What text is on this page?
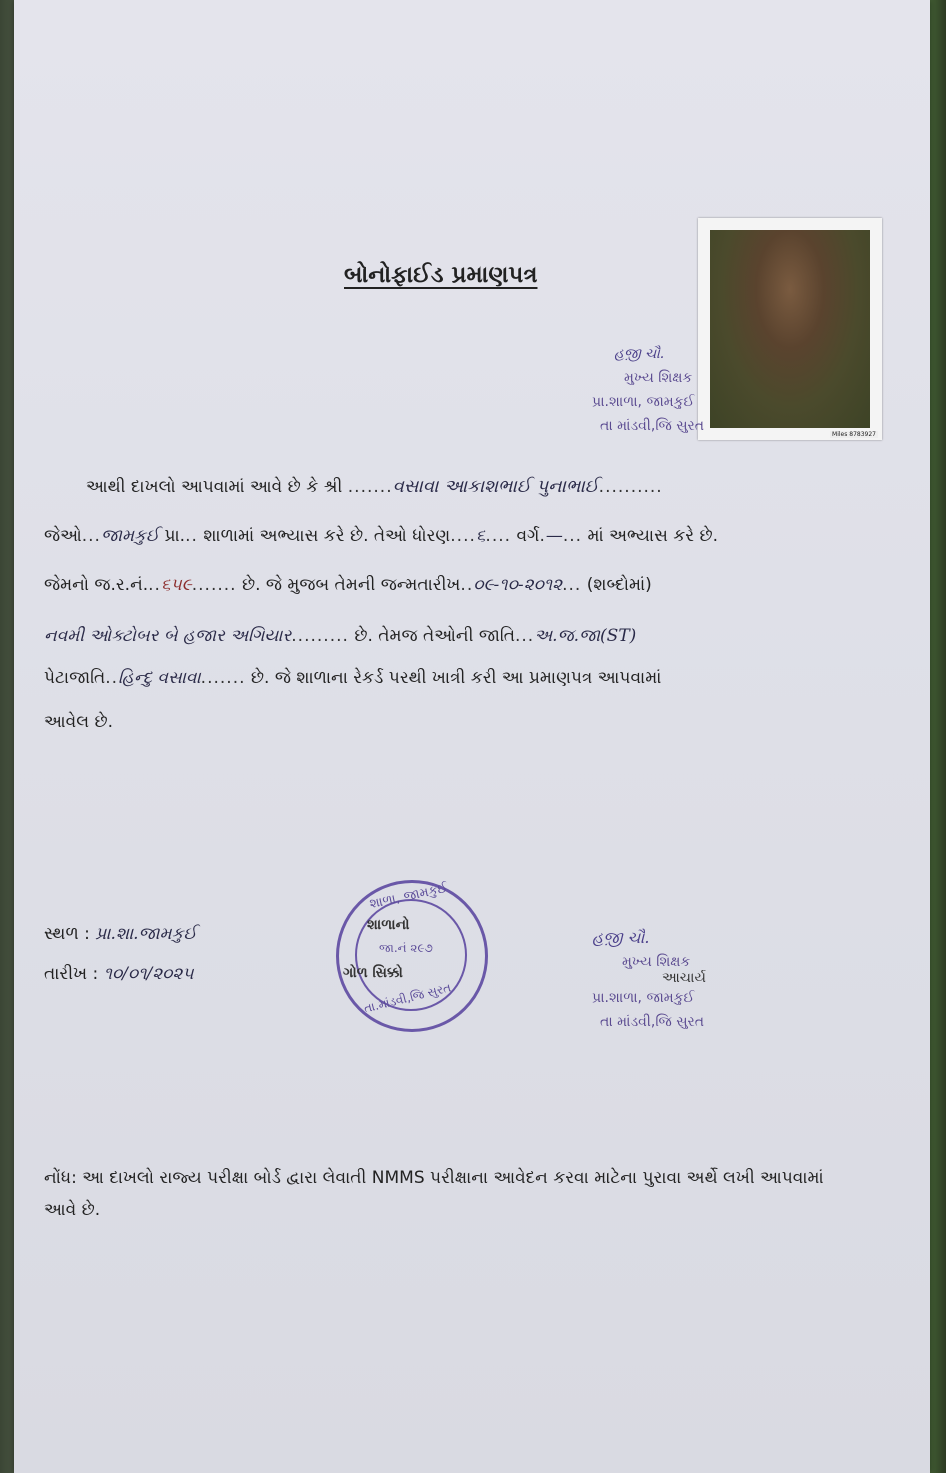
બોનોફાઈડ પ્રમાણપત્ર
Miles 8783927
હજ઼ી ચૌ.
મુખ્ય શિક્ષક
પ્રા.શાળા, જામકુઈ
તા માંડવી,જિ સુરત
આથી દાખલો આપવામાં આવે છે કે શ્રી .......વસાવા આકાશભાઈ પુનાભાઈ..........
જેઓ...જામકુઈ પ્રા... શાળામાં અભ્યાસ કરે છે. તેઓ ધોરણ....૬.... વર્ગ.—... માં અભ્યાસ કરે છે.
જેમનો જ.ર.નં...૬૫૯....... છે. જે મુજબ તેમની જન્મતારીખ..૦૯-૧૦-૨૦૧૨... (શબ્દોમાં)
નવમી ઓક્ટોબર બે હજાર અગિયાર......... છે. તેમજ તેઓની જાતિ...અ.જ.જા(ST)
પેટાજાતિ..હિન્દુ વસાવા....... છે. જે શાળાના રેકર્ડ પરથી ખાત્રી કરી આ પ્રમાણપત્ર આપવામાં
આવેલ છે.
સ્થળ : પ્રા.શા.જામકુઈ
તારીખ : ૧૦/૦૧/૨૦૨૫
શાળા, જામકુઈ
શાળાનો
જા.નં ૨૯૭
ગોળ સિક્કો
તા.માંડવી,જિ સુરત
હજ઼ી ચૌ.
મુખ્ય શિક્ષક
આચાર્ય
પ્રા.શાળા, જામકુઈ
તા માંડવી,જિ સુરત
નોંધ: આ દાખલો રાજ્ય પરીક્ષા બોર્ડ દ્વારા લેવાતી NMMS પરીક્ષાના આવેદન કરવા માટેના પુરાવા અર્થે લખી આપવામાં આવે છે.
